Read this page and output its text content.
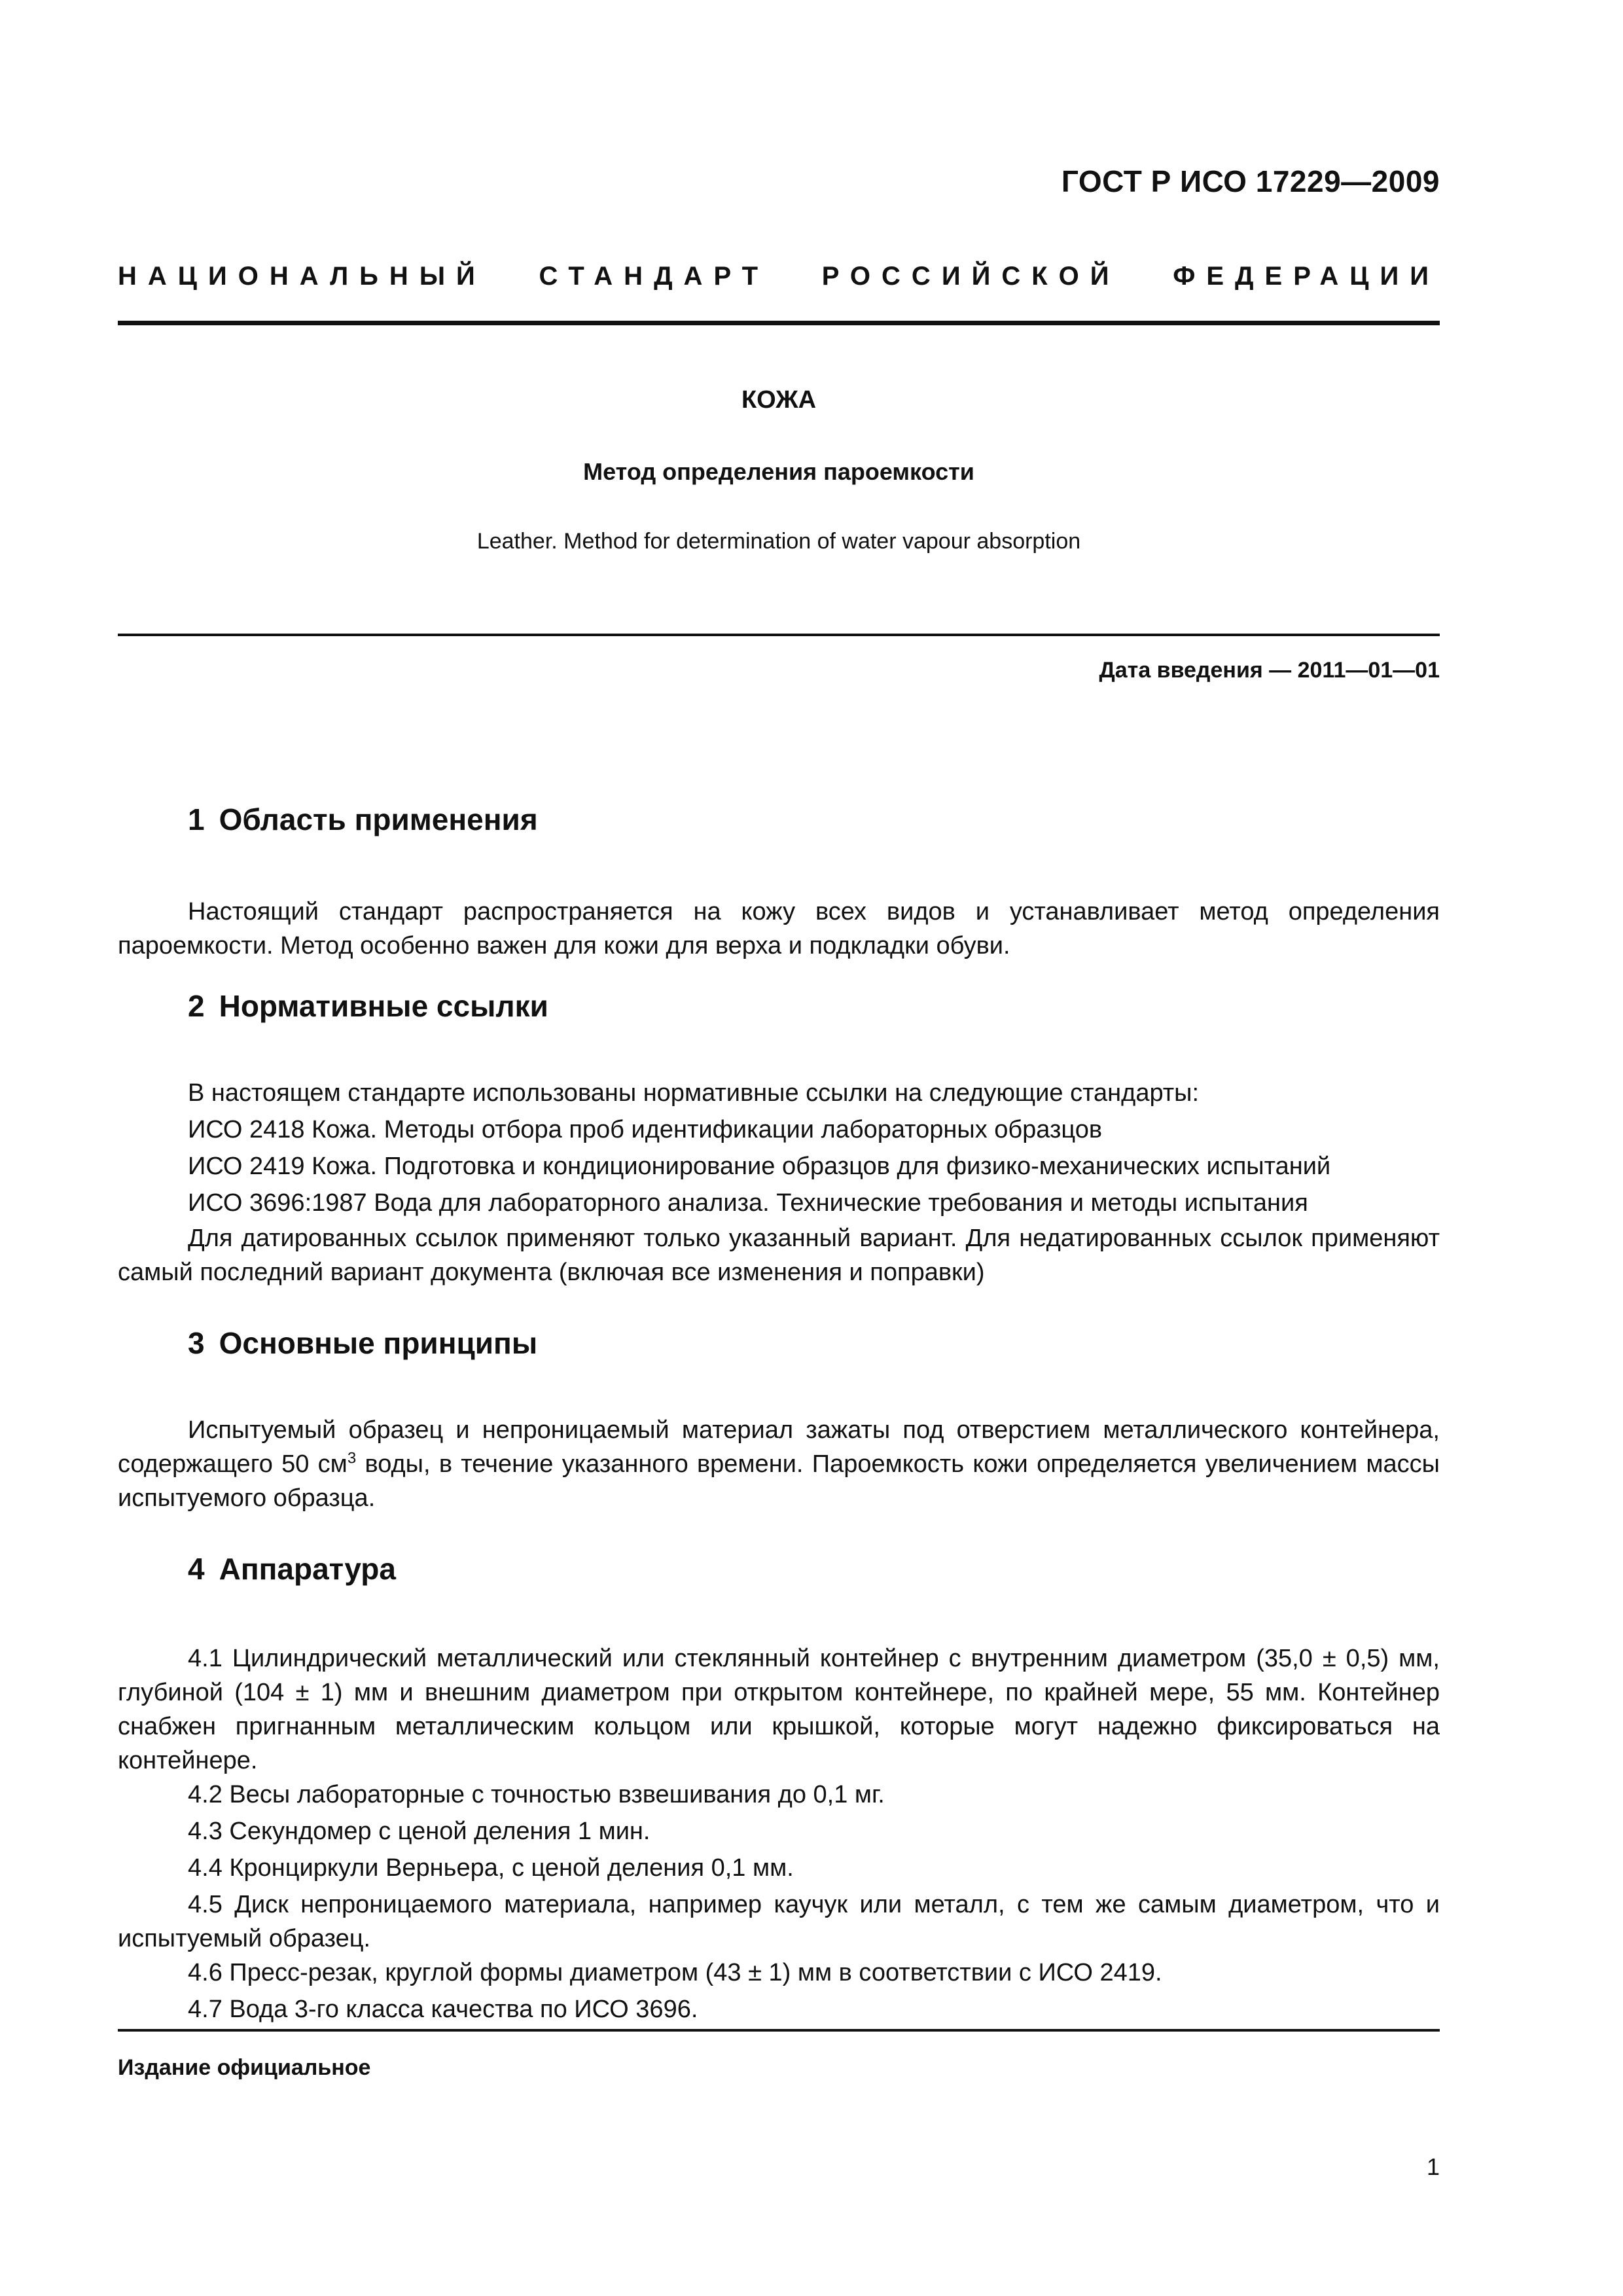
ГОСТ Р ИСО 17229—2009
НАЦИОНАЛЬНЫЙ СТАНДАРТ РОССИЙСКОЙ ФЕДЕРАЦИИ
КОЖА
Метод определения пароемкости
Leather. Method for determination of water vapour absorption
Дата введения — 2011—01—01
1 Область применения

Настоящий стандарт распространяется на кожу всех видов и устанавливает метод определения пароемкости. Метод особенно важен для кожи для верха и подкладки обуви.

2 Нормативные ссылки
В настоящем стандарте использованы нормативные ссылки на следующие стандарты:
ИСО 2418 Кожа. Методы отбора проб идентификации лабораторных образцов
ИСО 2419 Кожа. Подготовка и кондиционирование образцов для физико-механических испытаний
ИСО 3696:1987 Вода для лабораторного анализа. Технические требования и методы испытания

Для датированных ссылок применяют только указанный вариант. Для недатированных ссылок применяют самый последний вариант документа (включая все изменения и поправки)

3 Основные принципы

Испытуемый образец и непроницаемый материал зажаты под отверстием металлического контейнера, содержащего 50 $см^3$ воды, в течение указанного времени. Пароемкость кожи определяется увеличением массы испытуемого образца.

4 Аппаратура

4.1 Цилиндрический металлический или стеклянный контейнер с внутренним диаметром (35,0 ± 0,5) мм, глубиной (104 ± 1) мм и внешним диаметром при открытом контейнере, по крайней мере, 55 мм. Контейнер снабжен пригнанным металлическим кольцом или крышкой, которые могут надежно фиксироваться на контейнере.

4.2 Весы лабораторные с точностью взвешивания до 0,1 мг.
4.3 Секундомер с ценой деления 1 мин.
4.4 Кронциркули Верньера, с ценой деления 0,1 мм.

4.5 Диск непроницаемого материала, например каучук или металл, с тем же самым диаметром, что и испытуемый образец.

4.6 Пресс-резак, круглой формы диаметром (43 ± 1) мм в соответствии с ИСО 2419.
4.7 Вода 3-го класса качества по ИСО 3696.
Издание официальное
1
